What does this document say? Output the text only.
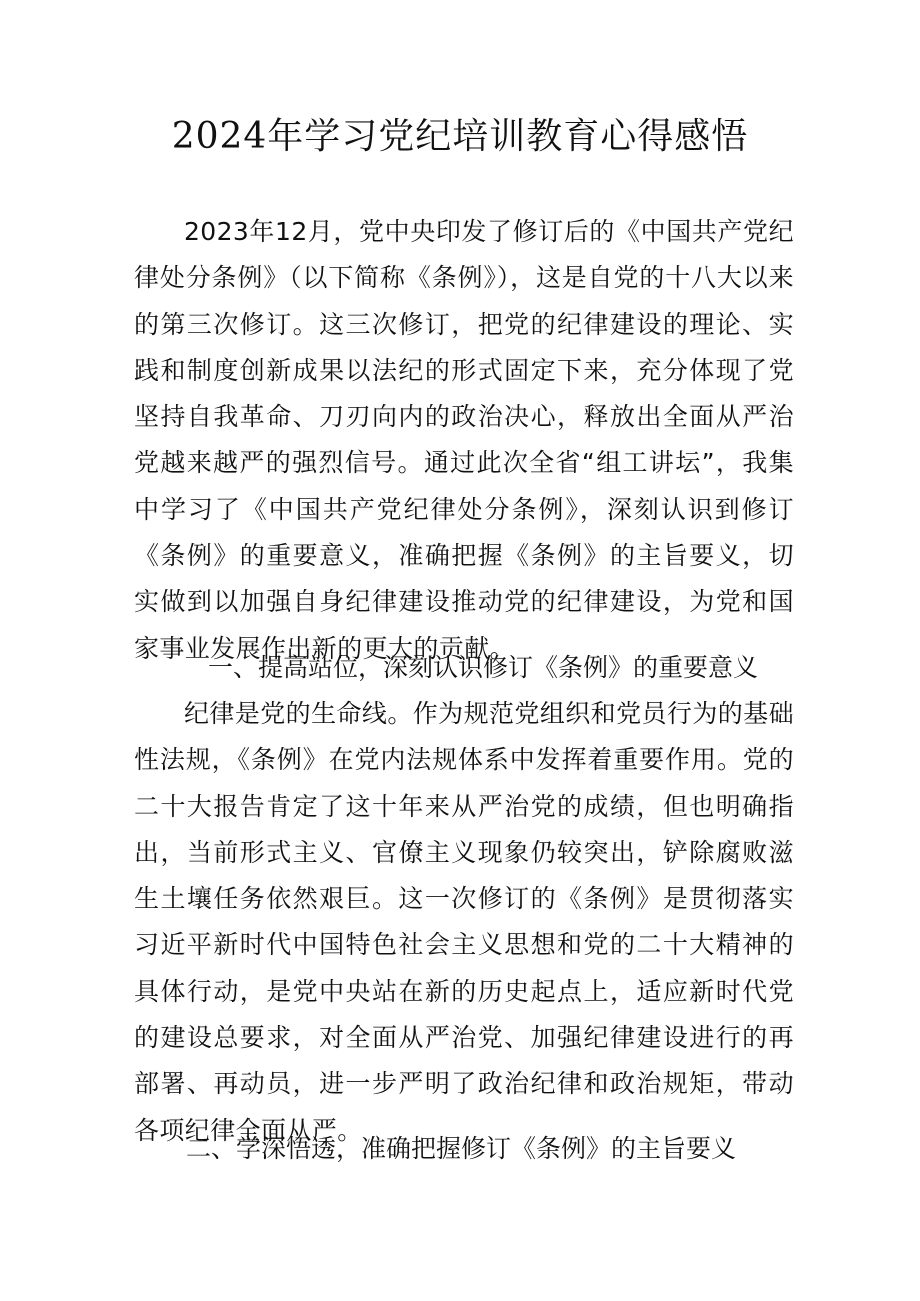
2024年学习党纪培训教育心得感悟

2023年12月，党中央印发了修订后的《中国共产党纪律处分条例》（以下简称《条例》），这是自党的十八大以来的第三次修订。这三次修订，把党的纪律建设的理论、实践和制度创新成果以法纪的形式固定下来，充分体现了党坚持自我革命、刀刃向内的政治决心，释放出全面从严治党越来越严的强烈信号。通过此次全省“组工讲坛”，我集中学习了《中国共产党纪律处分条例》，深刻认识到修订《条例》的重要意义，准确把握《条例》的主旨要义，切实做到以加强自身纪律建设推动党的纪律建设，为党和国家事业发展作出新的更大的贡献。

一、提高站位，深刻认识修订《条例》的重要意义

纪律是党的生命线。作为规范党组织和党员行为的基础性法规，《条例》在党内法规体系中发挥着重要作用。党的二十大报告肯定了这十年来从严治党的成绩，但也明确指出，当前形式主义、官僚主义现象仍较突出，铲除腐败滋生土壤任务依然艰巨。这一次修订的《条例》是贯彻落实习近平新时代中国特色社会主义思想和党的二十大精神的具体行动，是党中央站在新的历史起点上，适应新时代党的建设总要求，对全面从严治党、加强纪律建设进行的再部署、再动员，进一步严明了政治纪律和政治规矩，带动各项纪律全面从严。

二、学深悟透，准确把握修订《条例》的主旨要义
